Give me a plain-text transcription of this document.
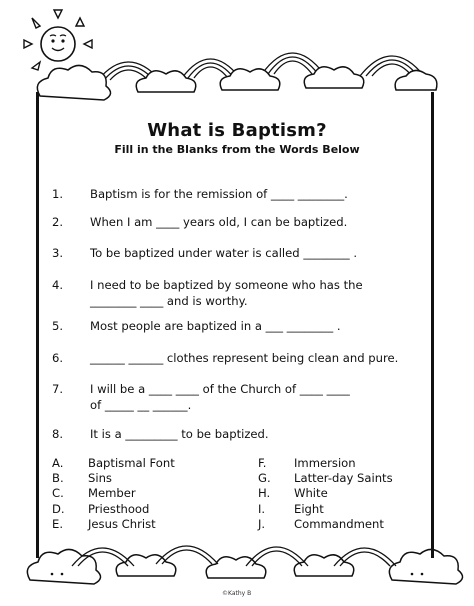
What is Baptism?
Fill in the Blanks from the Words Below
1.	Baptism is for the remission of ____ ________.
2.	When I am ____ years old, I can be baptized.
3.	To be baptized under water is called ________ .
4.	I need to be baptized by someone who has the
________ ____ and is worthy.
5.	Most people are baptized in a ___ ________ .
6.	______ ______ clothes represent being clean and pure.
7.	I will be a ____ ____ of the Church of ____ ____
of _____ __ ______.
8.	It is a _________ to be baptized.
A. Baptismal Font
B. Sins
C. Member
D. Priesthood
E. Jesus Christ
F. Immersion
G. Latter-day Saints
H. White
I. Eight
J. Commandment
©Kathy B
